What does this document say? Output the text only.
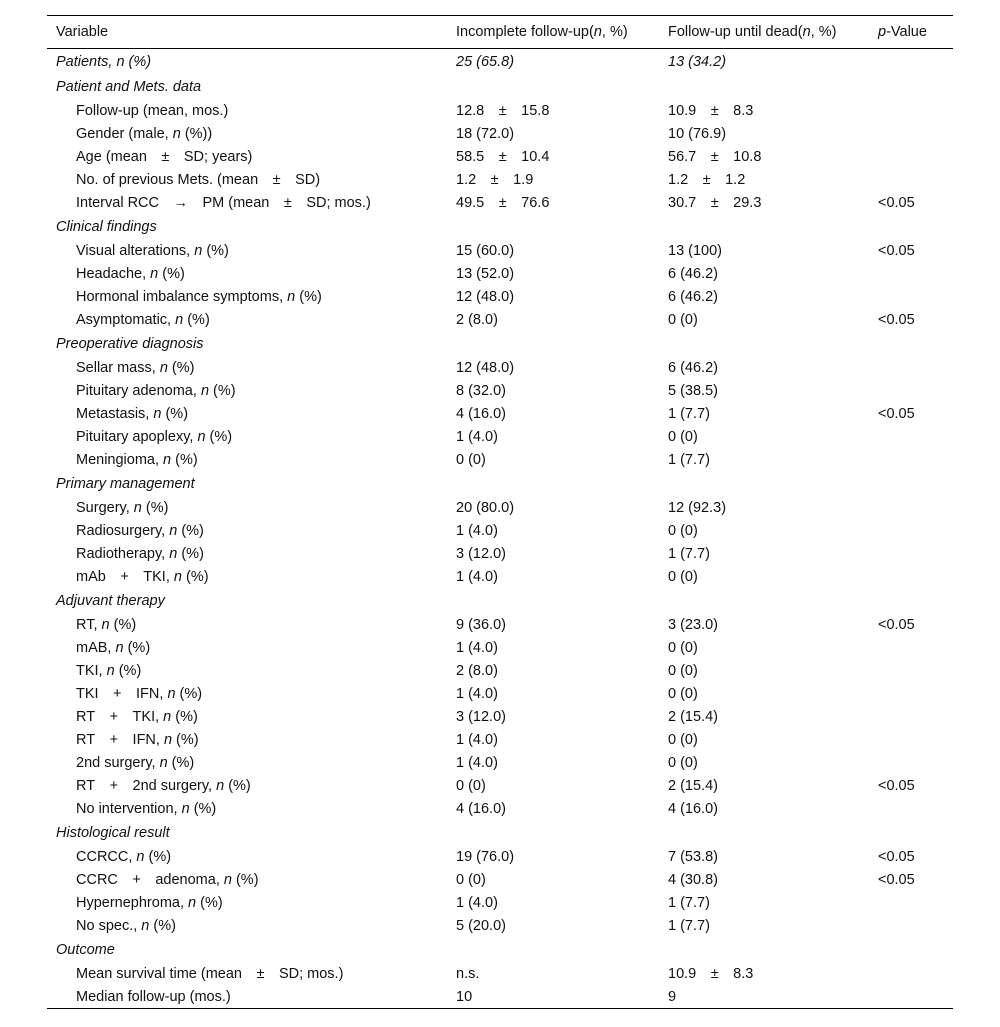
Variable	Incomplete follow-up(n, %)	Follow-up until dead(n, %)	p-Value
Patients, n (%)	25 (65.8)	13 (34.2)	
Patient and Mets. data			
Follow-up (mean, mos.)	12.8 ± 15.8	10.9 ± 8.3	
Gender (male, n (%))	18 (72.0)	10 (76.9)	
Age (mean ± SD; years)	58.5 ± 10.4	56.7 ± 10.8	
No. of previous Mets. (mean ± SD)	1.2 ± 1.9	1.2 ± 1.2	
Interval RCC → PM (mean ± SD; mos.)	49.5 ± 76.6	30.7 ± 29.3	<0.05
Clinical findings			
Visual alterations, n (%)	15 (60.0)	13 (100)	<0.05
Headache, n (%)	13 (52.0)	6 (46.2)	
Hormonal imbalance symptoms, n (%)	12 (48.0)	6 (46.2)	
Asymptomatic, n (%)	2 (8.0)	0 (0)	<0.05
Preoperative diagnosis			
Sellar mass, n (%)	12 (48.0)	6 (46.2)	
Pituitary adenoma, n (%)	8 (32.0)	5 (38.5)	
Metastasis, n (%)	4 (16.0)	1 (7.7)	<0.05
Pituitary apoplexy, n (%)	1 (4.0)	0 (0)	
Meningioma, n (%)	0 (0)	1 (7.7)	
Primary management			
Surgery, n (%)	20 (80.0)	12 (92.3)	
Radiosurgery, n (%)	1 (4.0)	0 (0)	
Radiotherapy, n (%)	3 (12.0)	1 (7.7)	
mAb + TKI, n (%)	1 (4.0)	0 (0)	
Adjuvant therapy			
RT, n (%)	9 (36.0)	3 (23.0)	<0.05
mAB, n (%)	1 (4.0)	0 (0)	
TKI, n (%)	2 (8.0)	0 (0)	
TKI + IFN, n (%)	1 (4.0)	0 (0)	
RT + TKI, n (%)	3 (12.0)	2 (15.4)	
RT + IFN, n (%)	1 (4.0)	0 (0)	
2nd surgery, n (%)	1 (4.0)	0 (0)	
RT + 2nd surgery, n (%)	0 (0)	2 (15.4)	<0.05
No intervention, n (%)	4 (16.0)	4 (16.0)	
Histological result			
CCRCC, n (%)	19 (76.0)	7 (53.8)	<0.05
CCRC + adenoma, n (%)	0 (0)	4 (30.8)	<0.05
Hypernephroma, n (%)	1 (4.0)	1 (7.7)	
No spec., n (%)	5 (20.0)	1 (7.7)	
Outcome			
Mean survival time (mean ± SD; mos.)	n.s.	10.9 ± 8.3	
Median follow-up (mos.)	10	9	
